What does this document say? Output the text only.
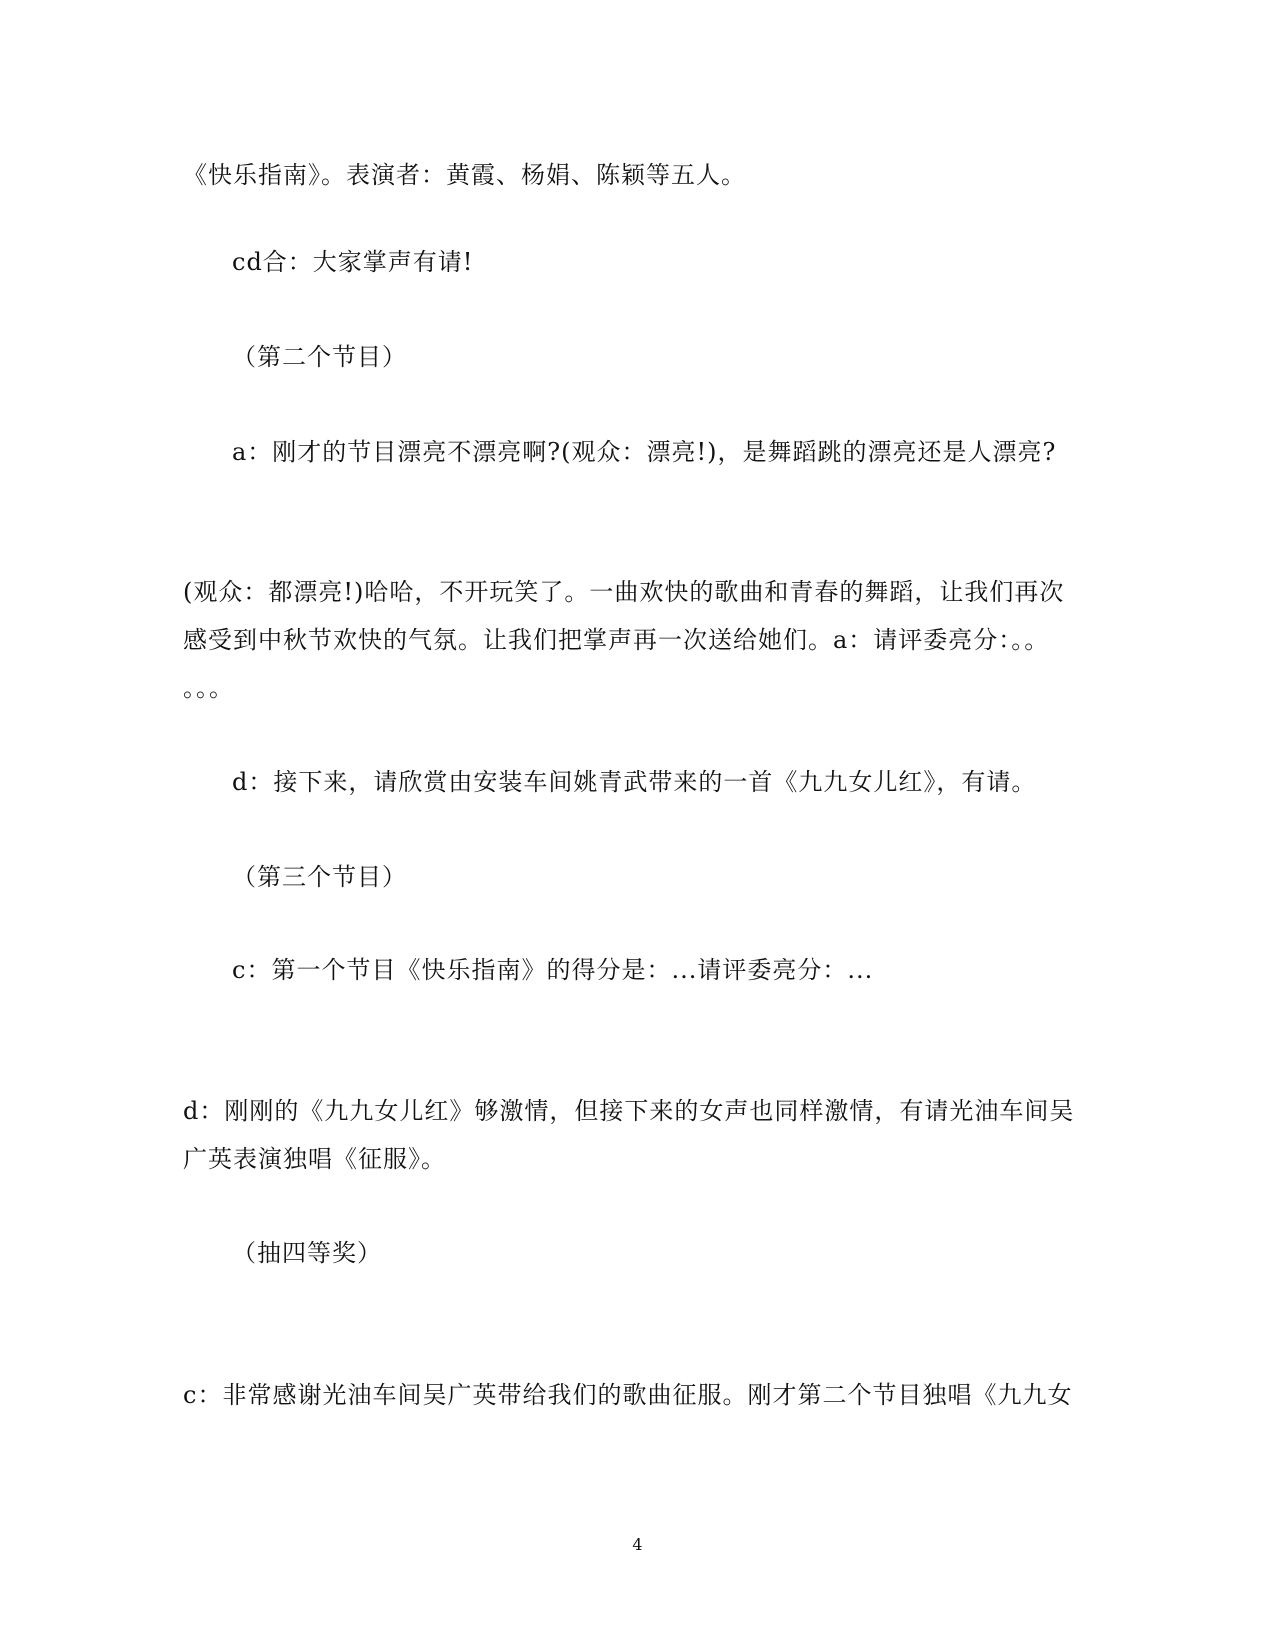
《快乐指南》。表演者：黄霞、杨娟、陈颖等五人。
cd合：大家掌声有请!
（第二个节目）
a：刚才的节目漂亮不漂亮啊?(观众：漂亮!)，是舞蹈跳的漂亮还是人漂亮?
(观众：都漂亮!)哈哈，不开玩笑了。一曲欢快的歌曲和青春的舞蹈，让我们再次
感受到中秋节欢快的气氛。让我们把掌声再一次送给她们。a：请评委亮分：。。
。。。
d：接下来，请欣赏由安装车间姚青武带来的一首《九九女儿红》，有请。
（第三个节目）
c：第一个节目《快乐指南》的得分是：...请评委亮分：...
d：刚刚的《九九女儿红》够激情，但接下来的女声也同样激情，有请光油车间吴
广英表演独唱《征服》。
（抽四等奖）
c：非常感谢光油车间吴广英带给我们的歌曲征服。刚才第二个节目独唱《九九女
4
